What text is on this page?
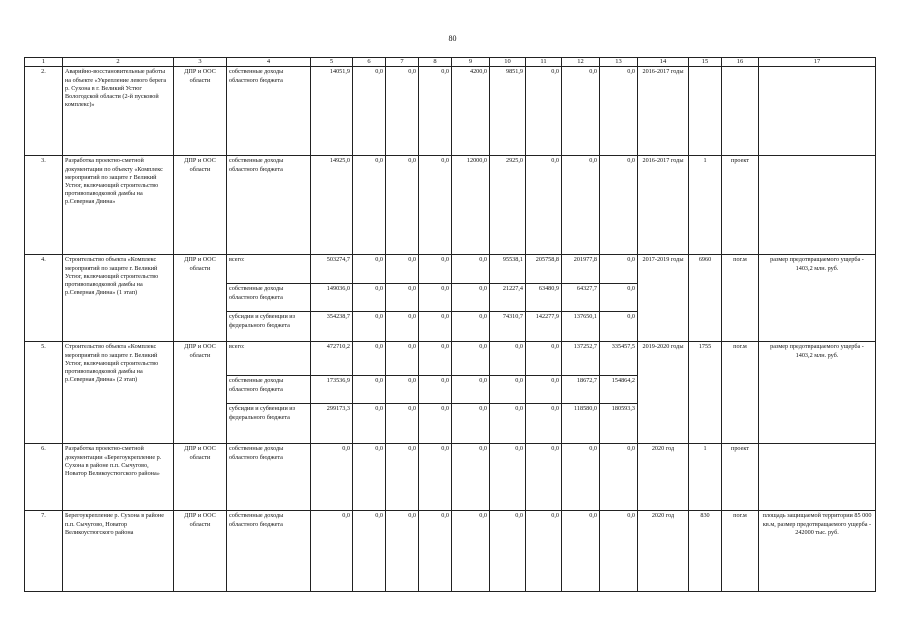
80
1	2	3	4	5	6	7	8	9	10	11	12	13	14	15	16	17
2.	Аварийно-восстановительные работы на объекте «Укрепление левого берега р. Сухона в г. Великий Устюг Вологодской области (2-й пусковой комплекс)»	ДПР и ООС области	собственные доходы областного бюджета	14051,9	0,0	0,0	0,0	4200,0	9851,9	0,0	0,0	0,0	2016-2017 годы			
3.	Разработка проектно-сметной документации по объекту «Комплекс мероприятий по защите г Великий Устюг, включающий строительство противопаводковой дамбы на р.Северная Двина»	ДПР и ООС области	собственные доходы областного бюджета	14925,0	0,0	0,0	0,0	12000,0	2925,0	0,0	0,0	0,0	2016-2017 годы	1	проект	
4.	Строительство объекта «Комплекс мероприятий по защите г. Великий Устюг, включающий строительство противопаводковой дамбы на р.Северная Двина» (1 этап)	ДПР и ООС области	всего:	503274,7	0,0	0,0	0,0	0,0	95538,1	205758,8	201977,8	0,0	2017-2019 годы	6960	пог.м	размер предотвращаемого ущерба - 1403,2 млн. руб.
			собственные доходы областного бюджета	149036,0	0,0	0,0	0,0	0,0	21227,4	63480,9	64327,7	0,0				
			субсидии и субвенции из федерального бюджета	354238,7	0,0	0,0	0,0	0,0	74310,7	142277,9	137650,1	0,0				
5.	Строительство объекта «Комплекс мероприятий по защите г. Великий Устюг, включающий строительство противопаводковой дамбы на р.Северная Двина» (2 этап)	ДПР и ООС области	всего:	472710,2	0,0	0,0	0,0	0,0	0,0	0,0	137252,7	335457,5	2019-2020 годы	1755	пог.м	размер предотвращаемого ущерба - 1403,2 млн. руб.
			собственные доходы областного бюджета	173536,9	0,0	0,0	0,0	0,0	0,0	0,0	18672,7	154864,2				
			субсидии и субвенции из федерального бюджета	299173,3	0,0	0,0	0,0	0,0	0,0	0,0	118580,0	180593,3				
6.	Разработка проектно-сметной документации «Берегоукрепление р. Сухона в районе п.п. Сычугово, Новатор Великоустюгского района»	ДПР и ООС области	собственные доходы областного бюджета	0,0	0,0	0,0	0,0	0,0	0,0	0,0	0,0	0,0	2020 год	1	проект	
7.	Берегоукрепление р. Сухона в районе п.п. Сычугово, Новатор Великоустюгского района	ДПР и ООС области	собственные доходы областного бюджета	0,0	0,0	0,0	0,0	0,0	0,0	0,0	0,0	0,0	2020 год	830	пог.м	площадь защищаемой территории 85 000 кв.м, размер предотвращаемого ущерба - 242000 тыс. руб.
